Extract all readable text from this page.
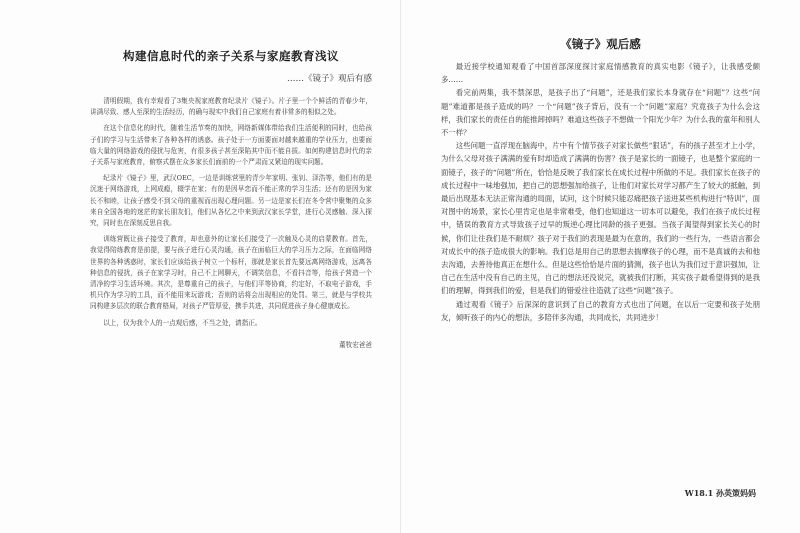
构建信息时代的亲子关系与家庭教育浅议
……《镜子》观后有感

清明假期，我有幸观看了3集央视家庭教育纪录片《镜子》。片子里一个个鲜活的青春少年，讲满尽致、感人至深的生活经历，的确与现实中我们自己家庭有着非常多的相似之处。

在这个信息化的时代，随着生活节奏的加快，网络新媒体带给我们生活便利的同时，也给孩子们的学习与生活带来了各种各样的诱惑。孩子处于一方面要面对越来越重的学业压力，也要面临大量的网络游戏的侵扰与危害，有很多孩子甚至深陷其中而不能自拔。如何构建信息时代的亲子关系与家庭教育，俯察式摆在众多家长们面前的一个严肃而又紧迫的现实问题。

纪录片《镜子》里，武汉OEC，一边是训练营里的青少年家明、张钊、泽浩等，他们有的是沉迷于网络游戏，上网成瘾，辍学在家；有的是因早恋而不能正常的学习生活；还有的是因为家长不和睦，让孩子感受不到父母的重视而出现心理问题。另一边是家长们在冬令营中聚集的众多来自全国各地的迷茫的家长朋友们，他们从各忆之中来到武汉家长学堂，进行心灵感触、深入探究，同时也在深刻反思自我。

训练营既让孩子接受了教育，却也意外的让家长们接受了一次触及心灵的启蒙教育。首先，我觉得陪练教育是前提，要与孩子进行心灵沟通，孩子在面临巨大的学习压力之际，在面临网络世界的各种诱惑时，家长们应该给孩子树立一个标杆，那就是家长首先要远离网络游戏，远离各种信息的侵扰，孩子在家学习时，自己不上网聊天，不调笑信息，不看抖音等，给孩子营造一个清净的学习生活环境。其次，是尊重自己的孩子，与他们平等协商，约定好，不取电子游戏，手机只作为学习的工具，而不能用来玩游戏；否则的话将会出现相应的处罚。第三，就是与学校共同构建多层次的联合教育格局，对孩子严管厚爱，携手共进，共同促进孩子身心健康成长。

以上，仅为我个人的一点观后感，不当之处，请指正。

董牧宏爸爸
《镜子》观后感

最近接学校通知观看了中国首部深度探讨家庭情感教育的真实电影《镜子》，让我感受颇多……

看完前两集，我不禁深思，是孩子出了“问题”，还是我们家长本身就存在“问题”？这些“问题”难道都是孩子造成的吗？一个“问题”孩子背后，没有一个“问题”家庭？究竟孩子为什么会这样，我们家长的责任自的能推卸掉吗？难道这些孩子不想做一个阳光少年？为什么我的童年和别人不一样？

这些问题一直浮现在脑海中，片中有个情节孩子对家长做些“狠话”，有的孩子甚至才上小学，为什么父母对孩子满满的爱有时却造成了满满的伤害？孩子是家长的一面镜子，也是整个家庭的一面镜子，孩子的“问题”所在，恰恰是反映了我们家长在成长过程中所做的不足。我们家长在孩子的成长过程中一味地强加，把自己的思想强加给孩子，让他们对家长对学习都产生了较大的抵触，到最后出现基本无法正常沟通的局面，试问，这个时候只能忍痛把孩子送进某些机构进行“特训”，面对图中的场景，家长心里肯定也是非常难受，他们也知道这一切本可以避免，我们在孩子成长过程中，错误的教育方式导致孩子过早的叛逆心理比同龄的孩子更强。当孩子渴望得到家长关心的时候，你们让往我们是不耐烦？孩子对于我们的表现是最为在意的，我们的一些行为，一些语言都会对成长中的孩子造成很大的影响。我们总是用自己的思想去揣摩孩子的心理，而不是真诚的去和他去沟通，去善待他真正在想什么。但是这些恰恰是片面的猜测，孩子也认为我们过于意识强加，让自己在生活中没有自己的主见，自己的想法还没说完，就被我们打断，其实孩子最希望得到的是我们的理解，得到我们的爱，但是我们的错爱往往造就了这些“问题”孩子。

通过观看《镜子》后深深的意识到了自己的教育方式也出了问题，在以后一定要和孩子处朋友，倾听孩子的内心的想法，多陪伴多沟通，共同成长，共同进步！

W18.1 孙英策妈妈
